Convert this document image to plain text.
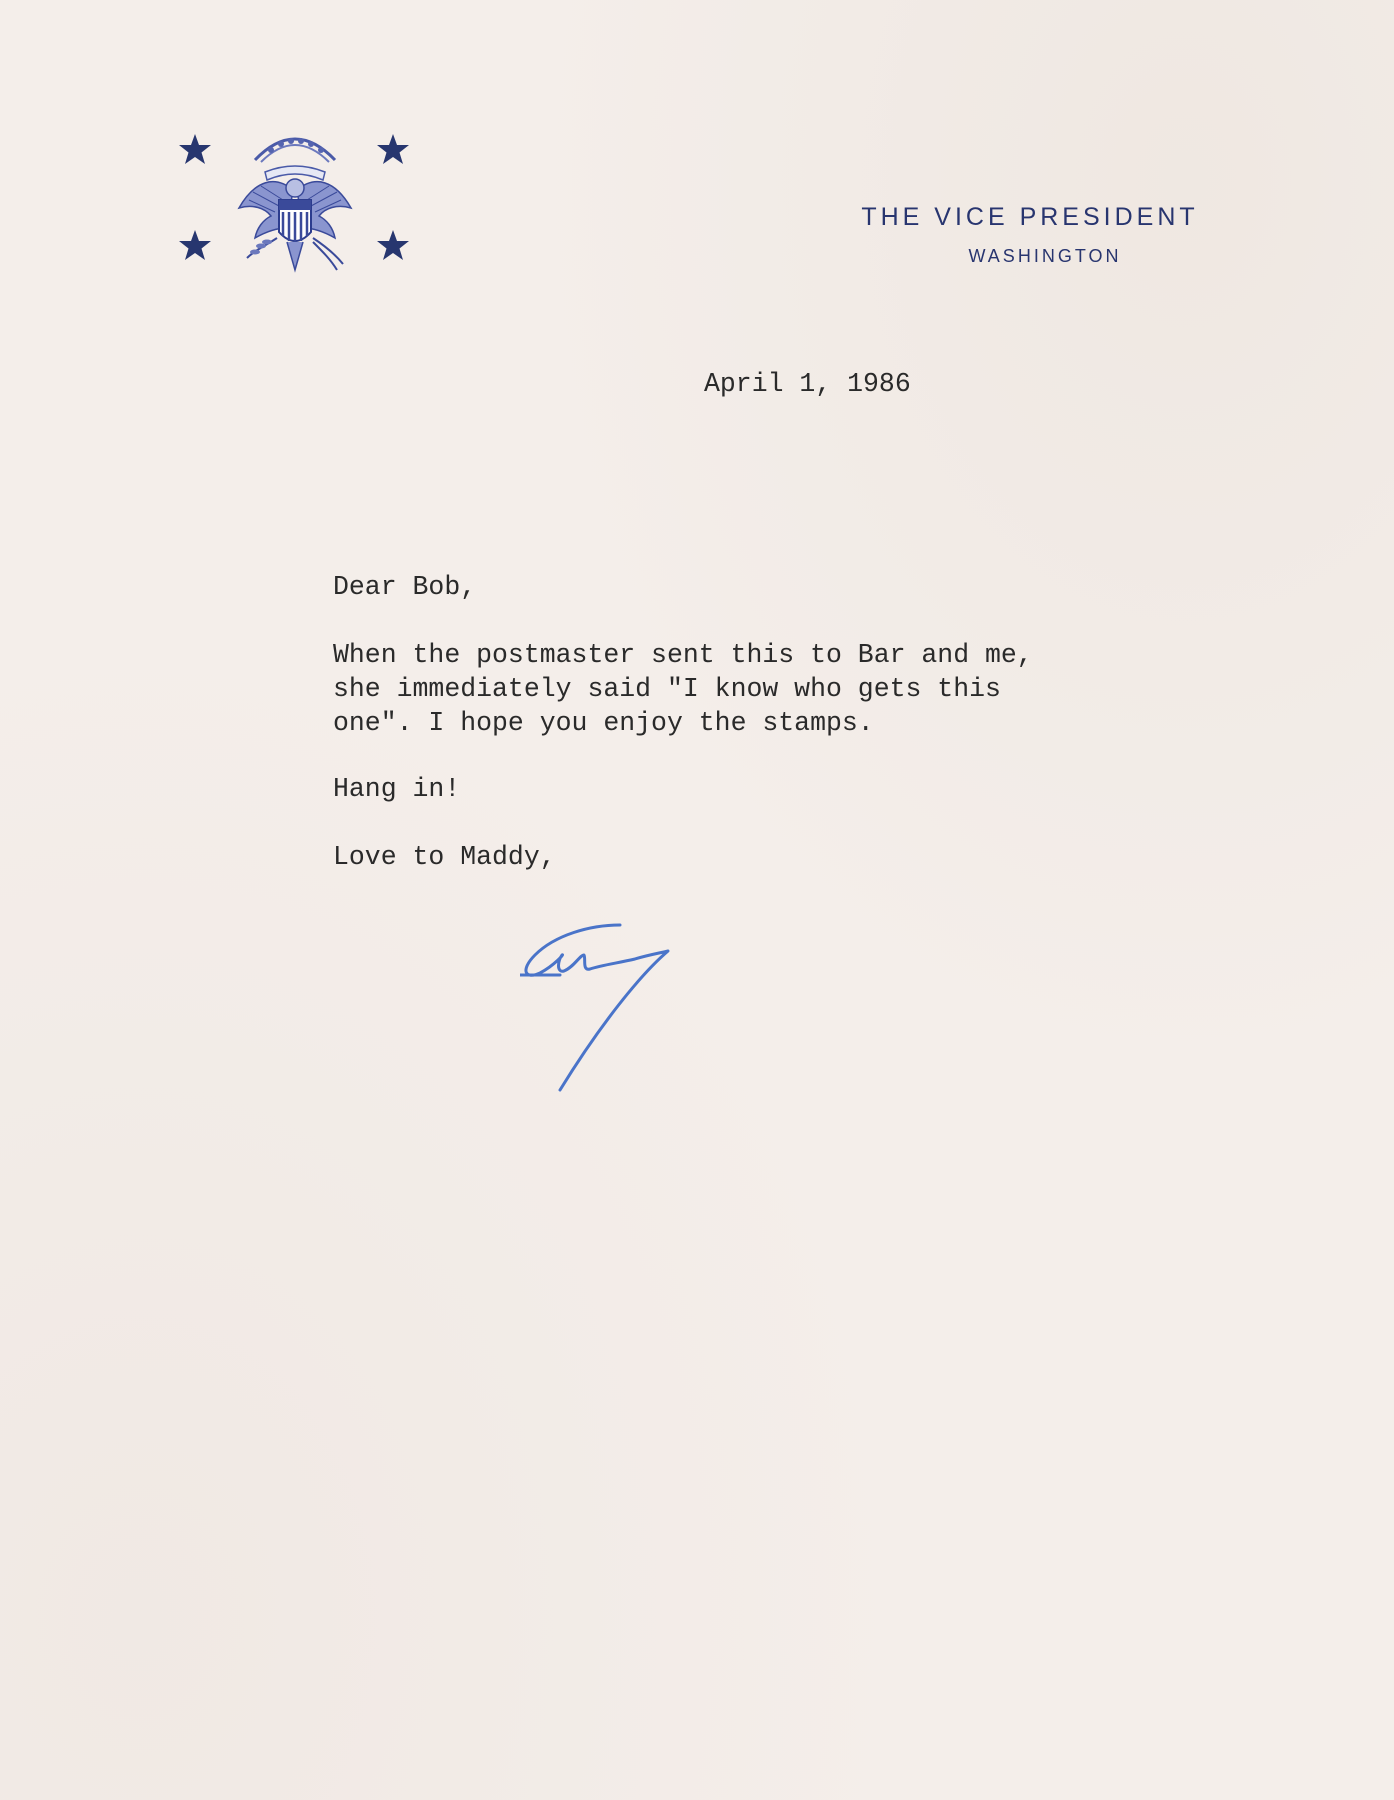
THE VICE PRESIDENT
WASHINGTON
April 1, 1986
Dear Bob,
When the postmaster sent this to Bar and me,
she immediately said "I know who gets this
one". I hope you enjoy the stamps.
Hang in!
Love to Maddy,
